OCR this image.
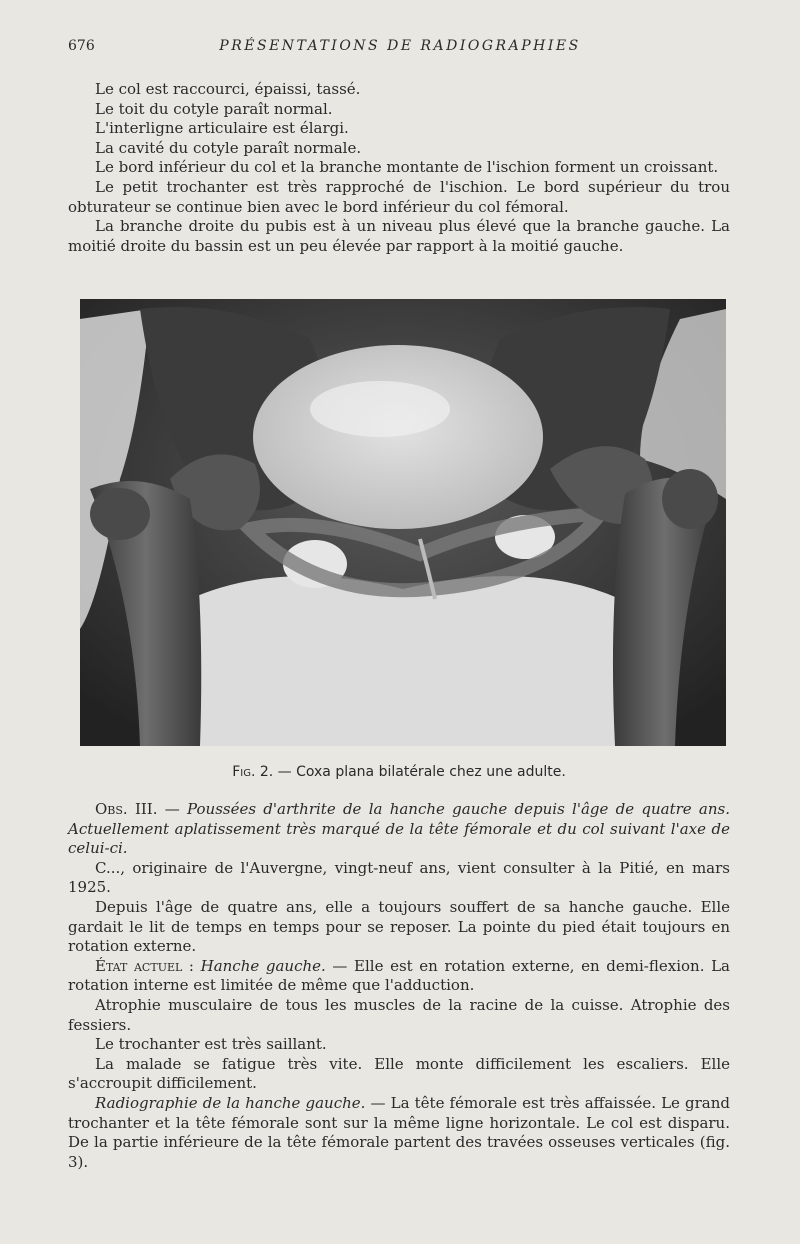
676	PRÉSENTATIONS DE RADIOGRAPHIES

Le col est raccourci, épaissi, tassé.

Le toit du cotyle paraît normal.

L'interligne articulaire est élargi.

La cavité du cotyle paraît normale.

Le bord inférieur du col et la branche montante de l'ischion forment un croissant.

Le petit trochanter est très rapproché de l'ischion. Le bord supérieur du trou obturateur se continue bien avec le bord inférieur du col fémoral.

La branche droite du pubis est à un niveau plus élevé que la branche gauche. La moitié droite du bassin est un peu élevée par rapport à la moitié gauche.

Fig. 2. — Coxa plana bilatérale chez une adulte.

Obs. III. — Poussées d'arthrite de la hanche gauche depuis l'âge de quatre ans. Actuellement aplatissement très marqué de la tête fémorale et du col suivant l'axe de celui-ci.

C..., originaire de l'Auvergne, vingt-neuf ans, vient consulter à la Pitié, en mars 1925.

Depuis l'âge de quatre ans, elle a toujours souffert de sa hanche gauche. Elle gardait le lit de temps en temps pour se reposer. La pointe du pied était toujours en rotation externe.

État actuel : Hanche gauche. — Elle est en rotation externe, en demi-flexion. La rotation interne est limitée de même que l'adduction.

Atrophie musculaire de tous les muscles de la racine de la cuisse. Atrophie des fessiers.

Le trochanter est très saillant.

La malade se fatigue très vite. Elle monte difficilement les escaliers. Elle s'accroupit difficilement.

Radiographie de la hanche gauche. — La tête fémorale est très affaissée. Le grand trochanter et la tête fémorale sont sur la même ligne horizontale. Le col est disparu. De la partie inférieure de la tête fémorale partent des travées osseuses verticales (fig. 3).
